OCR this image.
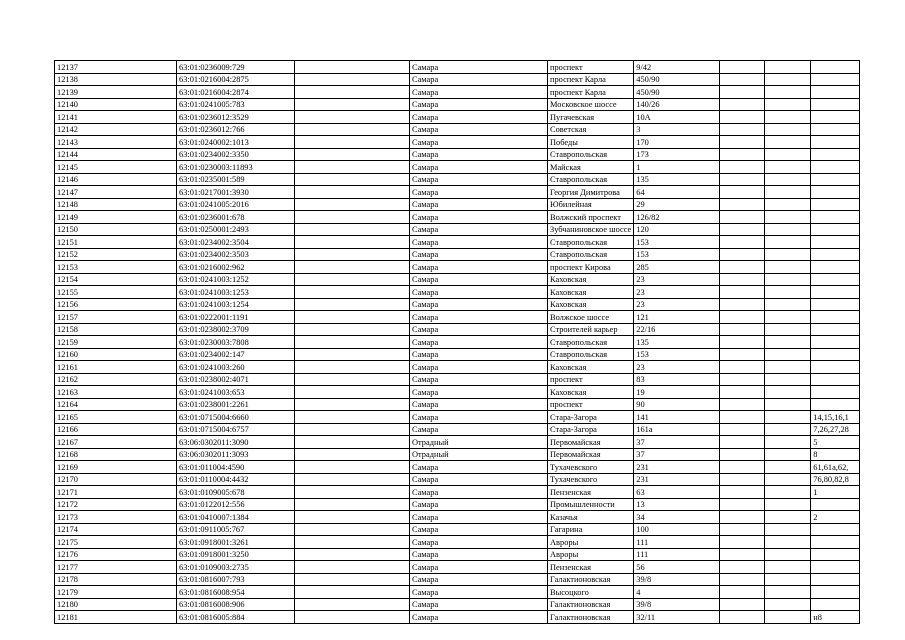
12137	63:01:0236009:729		Самара	проспект	9/42			
12138	63:01:0216004:2875		Самара	проспект Карла	450/90			
12139	63:01:0216004:2874		Самара	проспект Карла	450/90			
12140	63:01:0241005:783		Самара	Московское шоссе	140/26			
12141	63:01:0236012:3529		Самара	Пугачевская	10А			
12142	63:01:0236012:766		Самара	Советская	3			
12143	63:01:0240002:1013		Самара	Победы	170			
12144	63:01:0234002:3350		Самара	Ставропольская	173			
12145	63:01:0230003:11893		Самара	Майская	1			
12146	63:01:0235001:589		Самара	Ставропольская	135			
12147	63:01:0217001:3930		Самара	Георгия Димитрова	64			
12148	63:01:0241005:2016		Самара	Юбилейная	29			
12149	63:01:0236001:678		Самара	Волжский проспект	126/82			
12150	63:01:0250001:2493		Самара	Зубчаниновское шоссе	120			
12151	63:01:0234002:3504		Самара	Ставропольская	153			
12152	63:01:0234002:3503		Самара	Ставропольская	153			
12153	63:01:0216002:962		Самара	проспект Кирова	285			
12154	63:01:0241003:1252		Самара	Каховская	23			
12155	63:01:0241003:1253		Самара	Каховская	23			
12156	63:01:0241003:1254		Самара	Каховская	23			
12157	63:01:0222001:1191		Самара	Волжское шоссе	121			
12158	63:01:0238002:3709		Самара	Строителей карьер	22/16			
12159	63:01:0230003:7808		Самара	Ставропольская	135			
12160	63:01:0234002:147		Самара	Ставропольская	153			
12161	63:01:0241003:260		Самара	Каховская	23			
12162	63:01:0238002:4071		Самара	проспект	83			
12163	63:01:0241003:653		Самара	Каховская	19			
12164	63:01:0238001:2261		Самара	проспект	90			
12165	63:01:0715004:6660		Самара	Стара-Загора	141			14,15,16,1
12166	63:01:0715004:6757		Самара	Стара-Загора	161а			7,26,27,28
12167	63:06:0302011:3090		Отрадный	Первомайская	37			5
12168	63:06:0302011:3093		Отрадный	Первомайская	37			8
12169	63:01:011004:4590		Самара	Тухачевского	231			61,61а,62,
12170	63:01:0110004:4432		Самара	Тухачевского	231			76,80,82,8
12171	63:01:0109005:678		Самара	Пензенская	63			1
12172	63:01:0122012:556		Самара	Промышленности	13			
12173	63:01:0410007:1384		Самара	Казачья	34			2
12174	63:01:0911005:767		Самара	Гагарина	100			
12175	63:01:0918001:3261		Самара	Авроры	111			
12176	63:01:0918001:3250		Самара	Авроры	111			
12177	63:01:0109003:2735		Самара	Пензенская	56			
12178	63:01:0816007:793		Самара	Галактионовская	39/8			
12179	63:01:0816008:954		Самара	Высоцкого	4			
12180	63:01:0816008:906		Самара	Галактионовская	39/8			
12181	63:01:0816005:884		Самара	Галактионовская	32/11			н8
